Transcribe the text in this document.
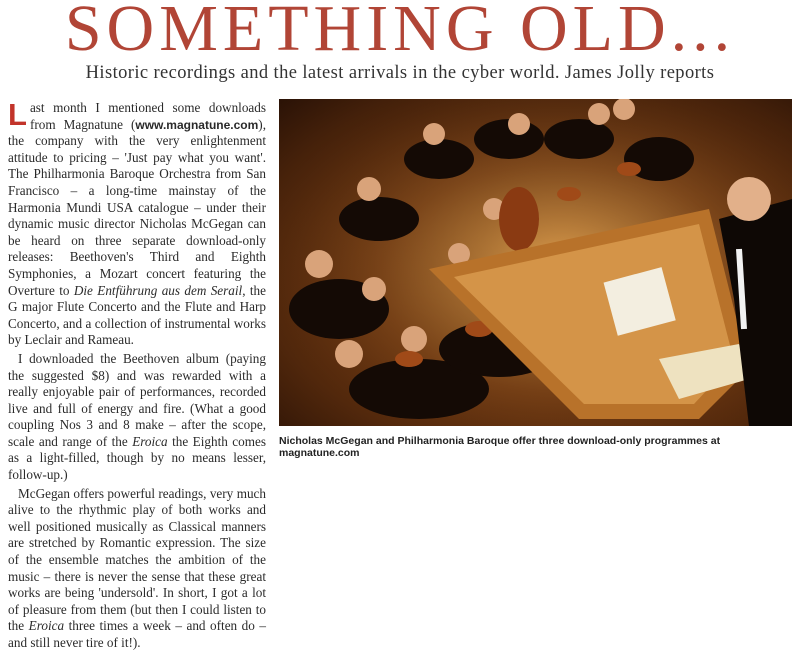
SOMETHING OLD...

Historic recordings and the latest arrivals in the cyber world. James Jolly reports

Last month I mentioned some downloads from Magnatune (www.magnatune.com), the company with the very enlightenment attitude to pricing – 'Just pay what you want'. The Philharmonia Baroque Orchestra from San Francisco – a long-time mainstay of the Harmonia Mundi USA catalogue – under their dynamic music director Nicholas McGegan can be heard on three separate download-only releases: Beethoven's Third and Eighth Symphonies, a Mozart concert featuring the Overture to Die Entführung aus dem Serail, the G major Flute Concerto and the Flute and Harp Concerto, and a collection of instrumental works by Leclair and Rameau.

I downloaded the Beethoven album (paying the suggested $8) and was rewarded with a really enjoyable pair of performances, recorded live and full of energy and fire. (What a good coupling Nos 3 and 8 make – after the scope, scale and range of the Eroica the Eighth comes as a light-filled, though by no means lesser, follow-up.)

McGegan offers powerful readings, very much alive to the rhythmic play of both works and well positioned musically as Classical manners are stretched by Romantic expression. The size of the ensemble matches the ambition of the music – there is never the sense that these great works are being 'undersold'. In short, I got a lot of pleasure from them (but then I could listen to the Eroica three times a week – and often do – and still never tire of it!).

Nicholas McGegan and Philharmonia Baroque offer three download-only programmes at magnatune.com
